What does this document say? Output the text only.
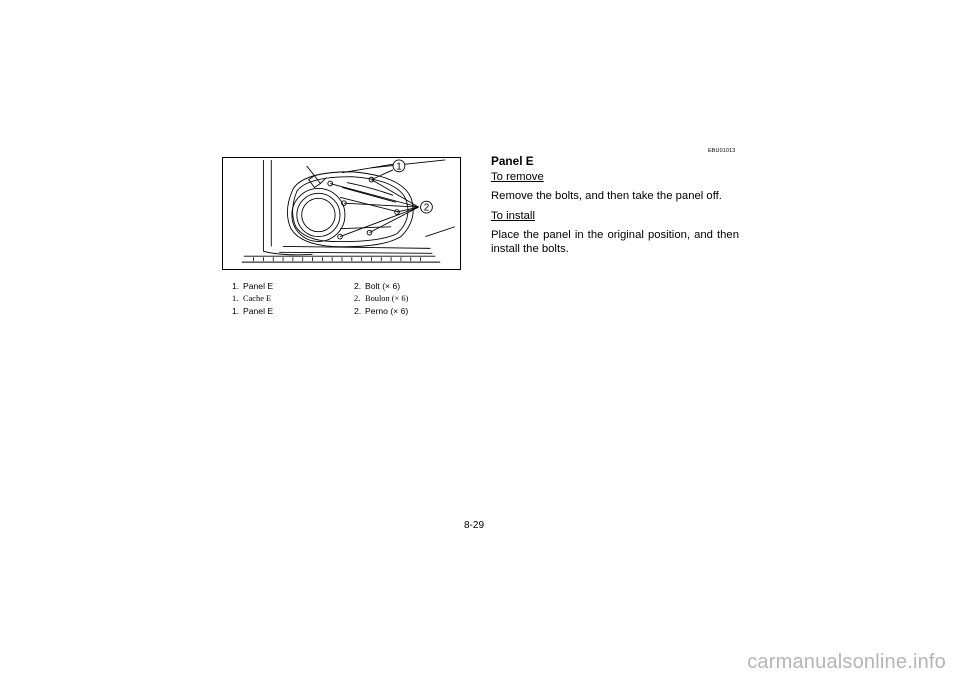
1
2
1. Panel E	2. Bolt (× 6)
1. Cache E	2. Boulon (× 6)
1. Panel E	2. Perno (× 6)
EBU01013
Panel E
To remove

Remove the bolts, and then take the panel off.

To install

Place the panel in the original position, and then install the bolts.

8-29
carmanualsonline.info
